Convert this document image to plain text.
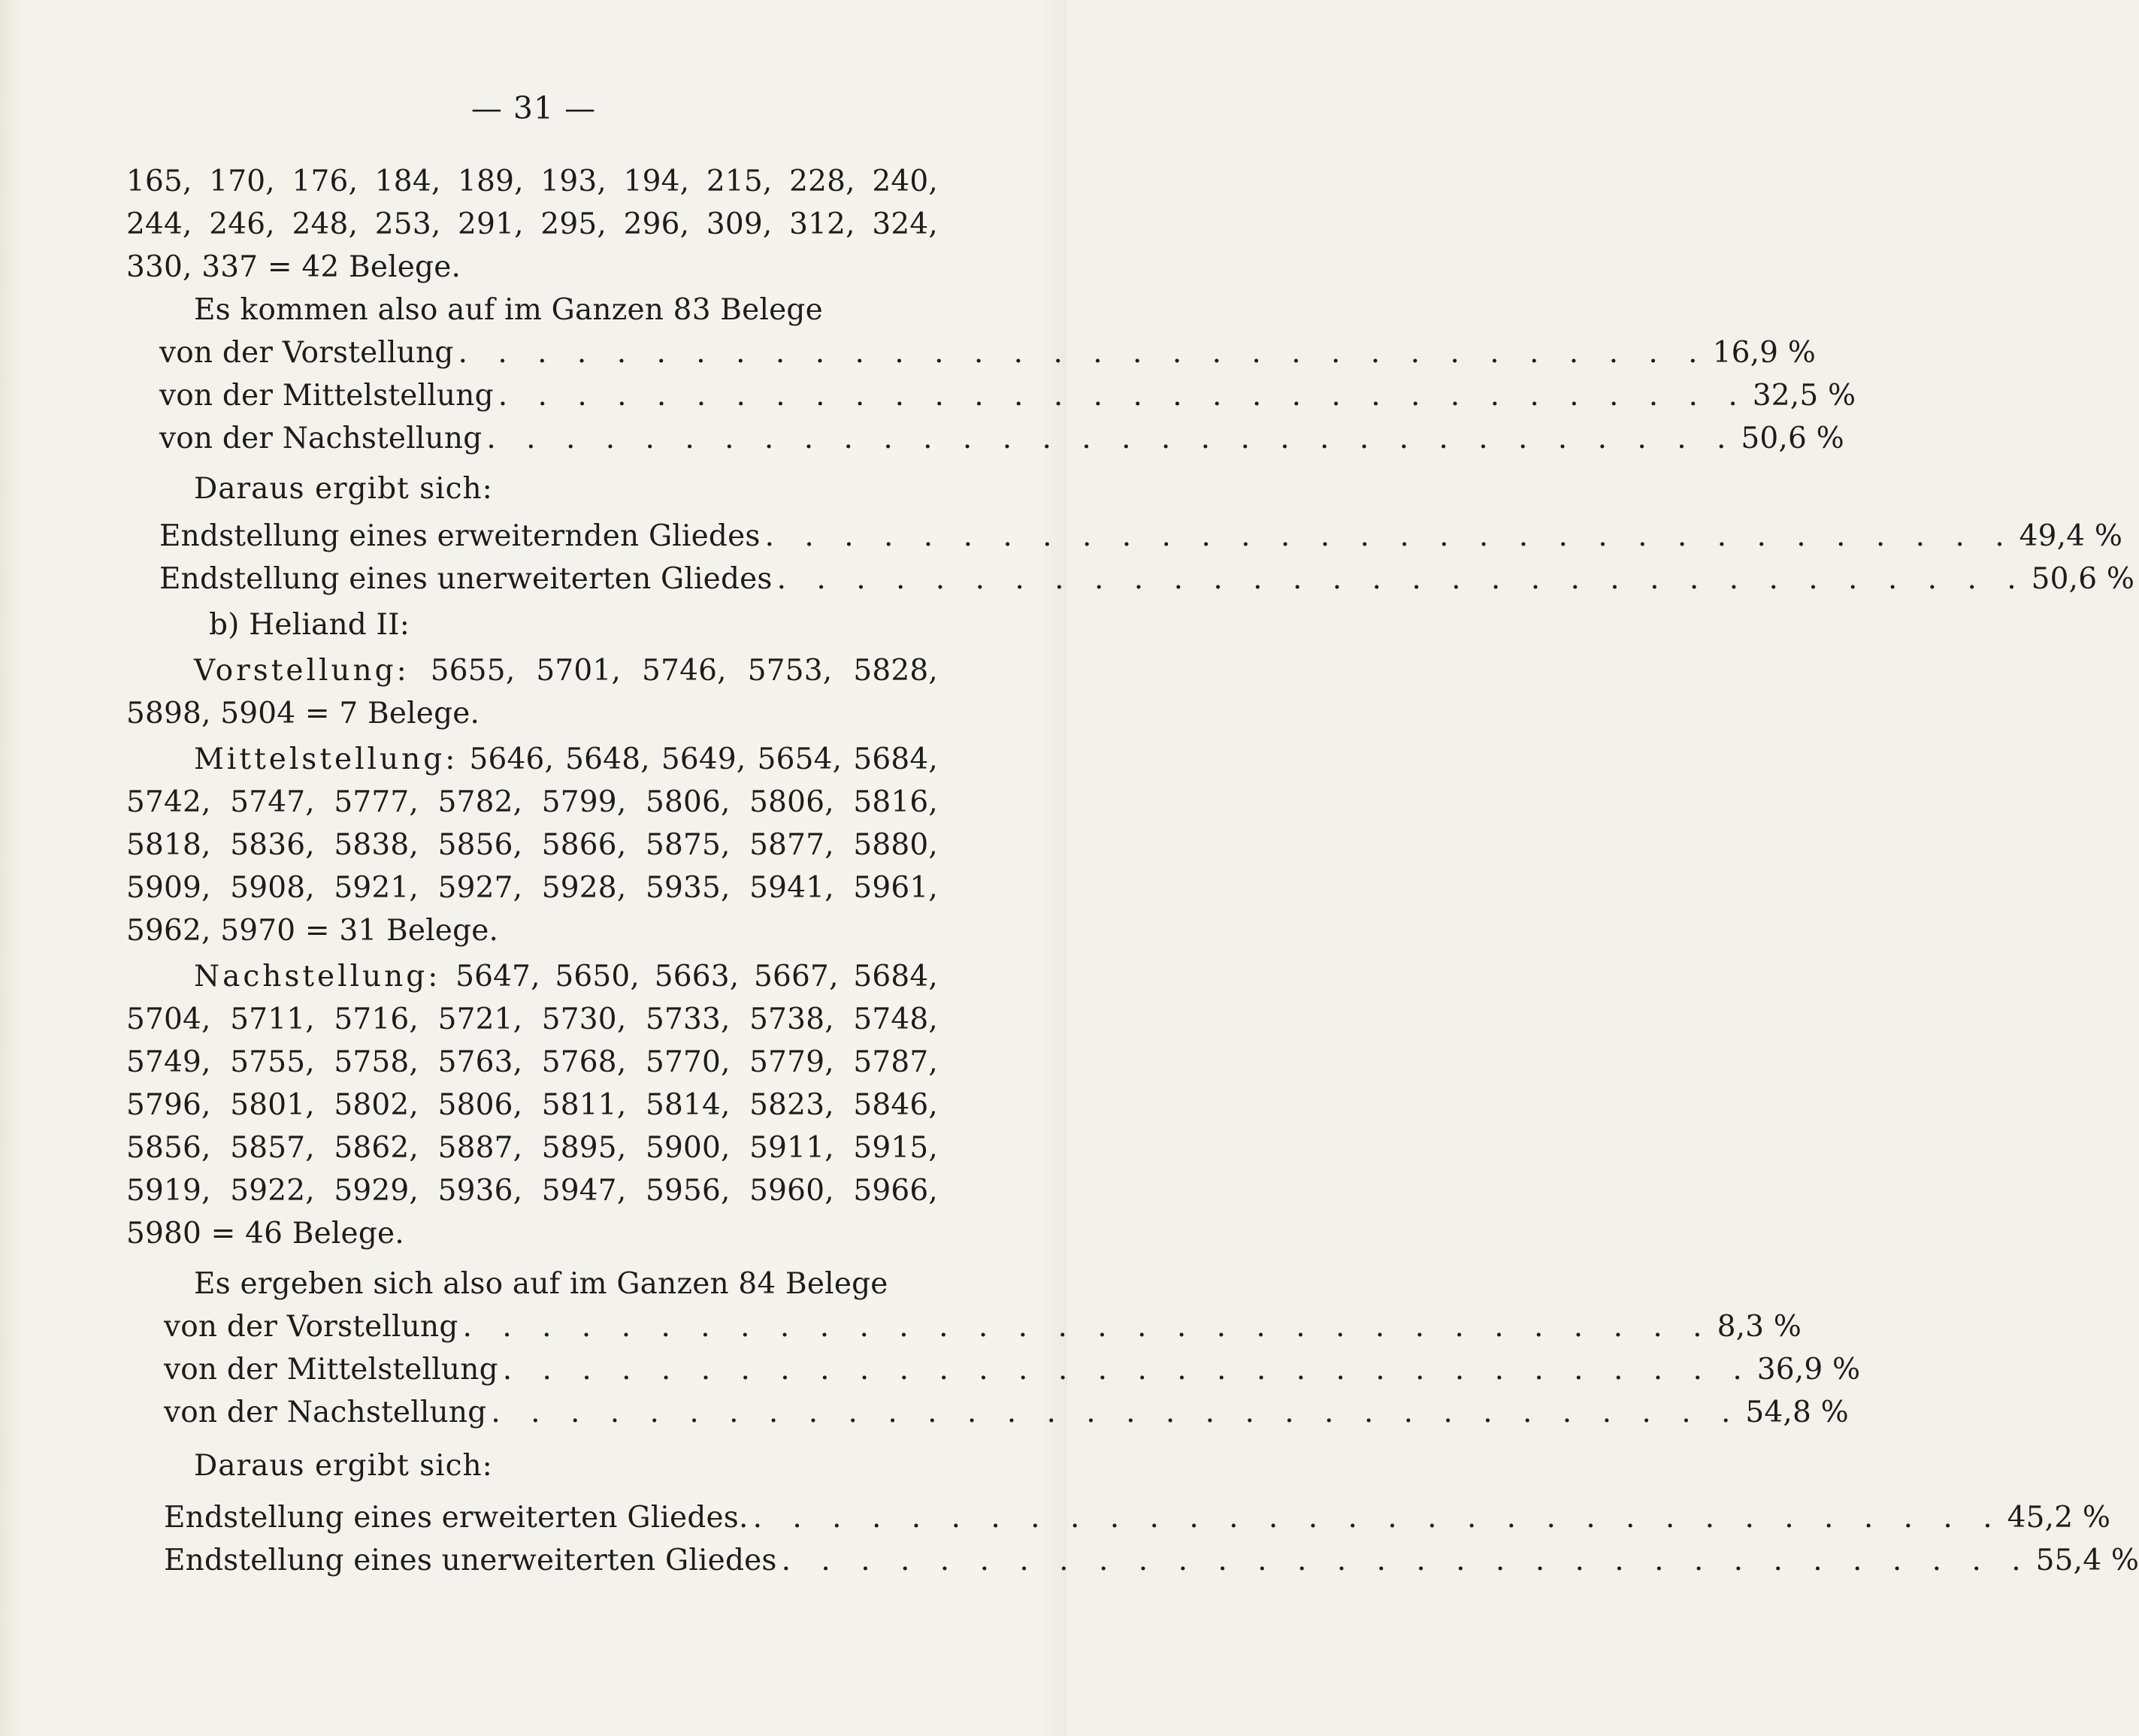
— 31 —

165, 170, 176, 184, 189, 193, 194, 215, 228, 240, 244, 246, 248, 253, 291, 295, 296, 309, 312, 324, 330, 337 = 42 Belege.

Es kommen also auf im Ganzen 83 Belege

von der Vorstellung . . . . . . . . . . . . . . . . . . . . . . . . . . . . . . . . 16,9 %
von der Mittelstellung . . . . . . . . . . . . . . . . . . . . . . . . . . . . . . . . 32,5 %
von der Nachstellung . . . . . . . . . . . . . . . . . . . . . . . . . . . . . . . . 50,6 %

Daraus ergibt sich:

Endstellung eines erweiternden Gliedes . . . . . . . . . . . . . . . . . . . . . . . . . . . . . . . . 49,4 %
Endstellung eines unerweiterten Gliedes . . . . . . . . . . . . . . . . . . . . . . . . . . . . . . . . 50,6 %

b) Heliand II:

Vorstellung: 5655, 5701, 5746, 5753, 5828, 5898, 5904 = 7 Belege.

Mittelstellung: 5646, 5648, 5649, 5654, 5684, 5742, 5747, 5777, 5782, 5799, 5806, 5806, 5816, 5818, 5836, 5838, 5856, 5866, 5875, 5877, 5880, 5909, 5908, 5921, 5927, 5928, 5935, 5941, 5961, 5962, 5970 = 31 Belege.

Nachstellung: 5647, 5650, 5663, 5667, 5684, 5704, 5711, 5716, 5721, 5730, 5733, 5738, 5748, 5749, 5755, 5758, 5763, 5768, 5770, 5779, 5787, 5796, 5801, 5802, 5806, 5811, 5814, 5823, 5846, 5856, 5857, 5862, 5887, 5895, 5900, 5911, 5915, 5919, 5922, 5929, 5936, 5947, 5956, 5960, 5966, 5980 = 46 Belege.

Es ergeben sich also auf im Ganzen 84 Belege

von der Vorstellung . . . . . . . . . . . . . . . . . . . . . . . . . . . . . . . . 8,3 %
von der Mittelstellung . . . . . . . . . . . . . . . . . . . . . . . . . . . . . . . . 36,9 %
von der Nachstellung . . . . . . . . . . . . . . . . . . . . . . . . . . . . . . . . 54,8 %

Daraus ergibt sich:

Endstellung eines erweiterten Gliedes. . . . . . . . . . . . . . . . . . . . . . . . . . . . . . . . . 45,2 %
Endstellung eines unerweiterten Gliedes . . . . . . . . . . . . . . . . . . . . . . . . . . . . . . . . 55,4 %
